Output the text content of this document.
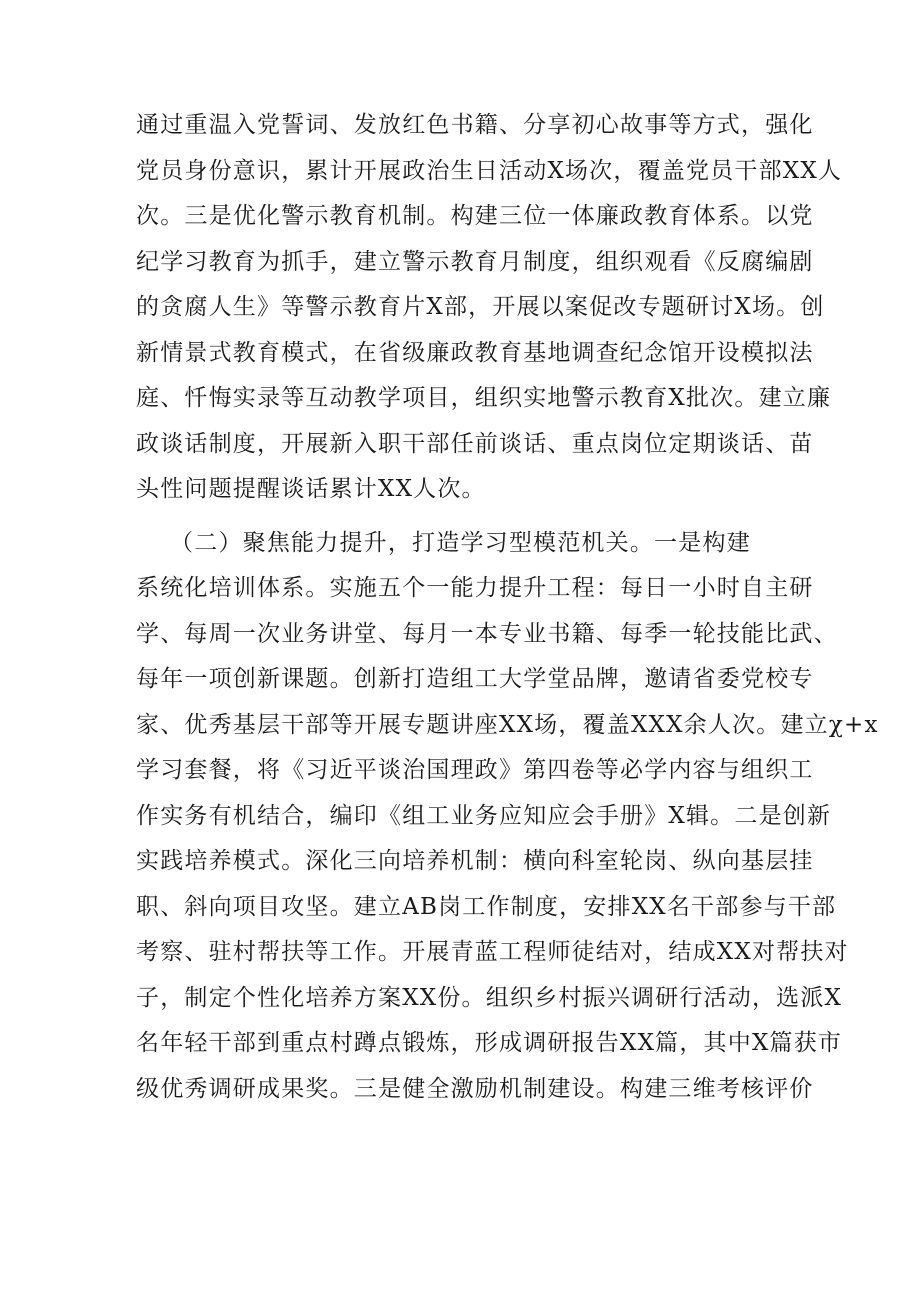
通过重温入党誓词、发放红色书籍、分享初心故事等方式，强化
党员身份意识，累计开展政治生日活动X场次，覆盖党员干部XX人
次。三是优化警示教育机制。构建三位一体廉政教育体系。以党
纪学习教育为抓手，建立警示教育月制度，组织观看《反腐编剧
的贪腐人生》等警示教育片X部，开展以案促改专题研讨X场。创
新情景式教育模式，在省级廉政教育基地调查纪念馆开设模拟法
庭、忏悔实录等互动教学项目，组织实地警示教育X批次。建立廉
政谈话制度，开展新入职干部任前谈话、重点岗位定期谈话、苗
头性问题提醒谈话累计XX人次。
（二）聚焦能力提升，打造学习型模范机关。一是构建
系统化培训体系。实施五个一能力提升工程：每日一小时自主研
学、每周一次业务讲堂、每月一本专业书籍、每季一轮技能比武、
每年一项创新课题。创新打造组工大学堂品牌，邀请省委党校专
家、优秀基层干部等开展专题讲座XX场，覆盖XXX余人次。建立χ+x
学习套餐，将《习近平谈治国理政》第四卷等必学内容与组织工
作实务有机结合，编印《组工业务应知应会手册》X辑。二是创新
实践培养模式。深化三向培养机制：横向科室轮岗、纵向基层挂
职、斜向项目攻坚。建立AB岗工作制度，安排XX名干部参与干部
考察、驻村帮扶等工作。开展青蓝工程师徒结对，结成XX对帮扶对
子，制定个性化培养方案XX份。组织乡村振兴调研行活动，选派X
名年轻干部到重点村蹲点锻炼，形成调研报告XX篇，其中X篇获市
级优秀调研成果奖。三是健全激励机制建设。构建三维考核评价
